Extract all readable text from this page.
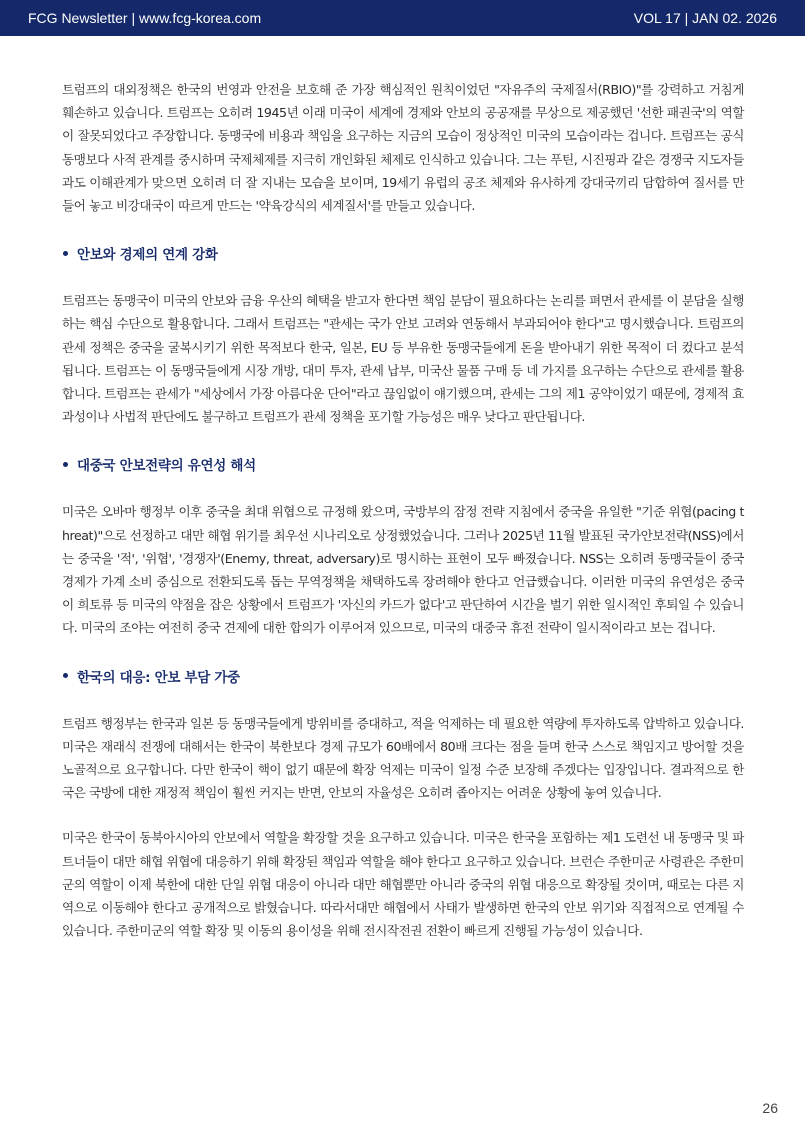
FCG Newsletter | www.fcg-korea.com	VOL 17 | JAN 02. 2026

트럼프의 대외정책은 한국의 번영과 안전을 보호해 준 가장 핵심적인 원칙이었던 "자유주의 국제질서(RBIO)"를 강력하고 거침게 훼손하고 있습니다. 트럼프는 오히려 1945년 이래 미국이 세계에 경제와 안보의 공공재를 무상으로 제공했던 '선한 패권국'의 역할이 잘못되었다고 주장합니다. 동맹국에 비용과 책임을 요구하는 지금의 모습이 정상적인 미국의 모습이라는 겁니다. 트럼프는 공식 동맹보다 사적 관계를 중시하며 국제체제를 지극히 개인화된 체제로 인식하고 있습니다. 그는 푸틴, 시진핑과 같은 경쟁국 지도자들과도 이해관계가 맞으면 오히려 더 잘 지내는 모습을 보이며, 19세기 유럽의 공조 체제와 유사하게 강대국끼리 담합하여 질서를 만들어 놓고 비강대국이 따르게 만드는 '약육강식의 세계질서'를 만들고 있습니다.

안보와 경제의 연계 강화

트럼프는 동맹국이 미국의 안보와 금융 우산의 혜택을 받고자 한다면 책임 분담이 필요하다는 논리를 펴면서 관세를 이 분담을 실행하는 핵심 수단으로 활용합니다. 그래서 트럼프는 "관세는 국가 안보 고려와 연동해서 부과되어야 한다"고 명시했습니다. 트럼프의 관세 정책은 중국을 굴복시키기 위한 목적보다 한국, 일본, EU 등 부유한 동맹국들에게 돈을 받아내기 위한 목적이 더 컸다고 분석됩니다. 트럼프는 이 동맹국들에게 시장 개방, 대미 투자, 관세 납부, 미국산 물품 구매 등 네 가지를 요구하는 수단으로 관세를 활용합니다. 트럼프는 관세가 "세상에서 가장 아름다운 단어"라고 끊임없이 얘기했으며, 관세는 그의 제1 공약이었기 때문에, 경제적 효과성이나 사법적 판단에도 불구하고 트럼프가 관세 정책을 포기할 가능성은 매우 낮다고 판단됩니다.

대중국 안보전략의 유연성 해석

미국은 오바마 행정부 이후 중국을 최대 위협으로 규정해 왔으며, 국방부의 잠정 전략 지침에서 중국을 유일한 "기준 위협(pacing threat)"으로 선정하고 대만 해협 위기를 최우선 시나리오로 상정했었습니다. 그러나 2025년 11월 발표된 국가안보전략(NSS)에서는 중국을 '적', '위협', '경쟁자'(Enemy, threat, adversary)로 명시하는 표현이 모두 빠졌습니다. NSS는 오히려 동맹국들이 중국 경제가 가계 소비 중심으로 전환되도록 돕는 무역정책을 채택하도록 장려해야 한다고 언급했습니다. 이러한 미국의 유연성은 중국이 희토류 등 미국의 약점을 잡은 상황에서 트럼프가 '자신의 카드가 없다'고 판단하여 시간을 벌기 위한 일시적인 후퇴일 수 있습니다. 미국의 조야는 여전히 중국 견제에 대한 합의가 이루어져 있으므로, 미국의 대중국 휴전 전략이 일시적이라고 보는 겁니다.

한국의 대응: 안보 부담 가중

트럼프 행정부는 한국과 일본 등 동맹국들에게 방위비를 증대하고, 적을 억제하는 데 필요한 역량에 투자하도록 압박하고 있습니다. 미국은 재래식 전쟁에 대해서는 한국이 북한보다 경제 규모가 60배에서 80배 크다는 점을 들며 한국 스스로 책임지고 방어할 것을 노골적으로 요구합니다. 다만 한국이 핵이 없기 때문에 확장 억제는 미국이 일정 수준 보장해 주겠다는 입장입니다. 결과적으로 한국은 국방에 대한 재정적 책임이 훨씬 커지는 반면, 안보의 자율성은 오히려 좁아지는 어려운 상황에 놓여 있습니다.

미국은 한국이 동북아시아의 안보에서 역할을 확장할 것을 요구하고 있습니다. 미국은 한국을 포함하는 제1 도련선 내 동맹국 및 파트너들이 대만 해협 위협에 대응하기 위해 확장된 책임과 역할을 해야 한다고 요구하고 있습니다. 브런슨 주한미군 사령관은 주한미군의 역할이 이제 북한에 대한 단일 위협 대응이 아니라 대만 해협뿐만 아니라 중국의 위협 대응으로 확장될 것이며, 때로는 다른 지역으로 이동해야 한다고 공개적으로 밝혔습니다. 따라서대만 해협에서 사태가 발생하면 한국의 안보 위기와 직접적으로 연계될 수 있습니다. 주한미군의 역할 확장 및 이동의 용이성을 위해 전시작전권 전환이 빠르게 진행될 가능성이 있습니다.

26
